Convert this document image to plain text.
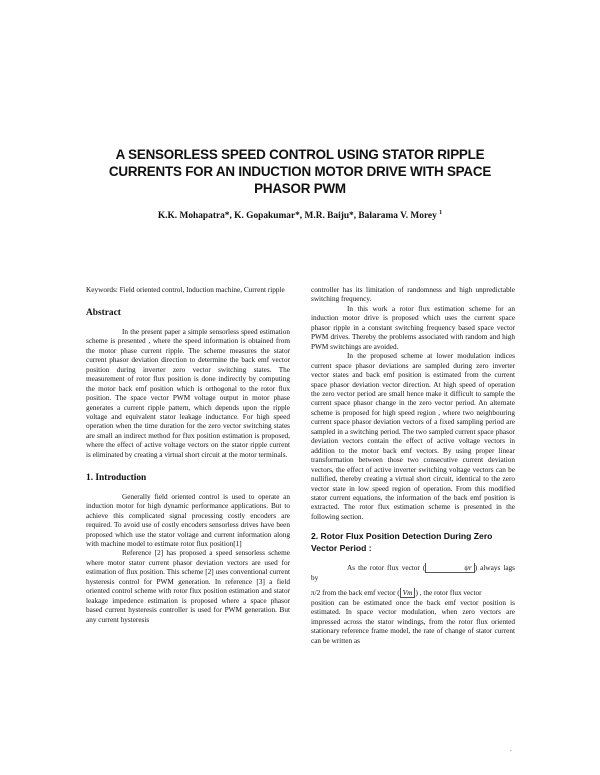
A SENSORLESS SPEED CONTROL USING STATOR RIPPLE CURRENTS FOR AN INDUCTION MOTOR DRIVE WITH SPACE PHASOR PWM
K.K. Mohapatra*, K. Gopakumar*, M.R. Baiju*, Balarama V. Morey $^1$

Keywords: Field oriented control, Induction machine, Current ripple

Abstract

In the present paper a simple sensorless speed estimation scheme is presented , where the speed information is obtained from the motor phase current ripple. The scheme measures the stator current phasor deviation direction to determine the back emf vector position during inverter zero vector switching states. The measurement of rotor flux position is done indirectly by computing the motor back emf position which is orthogonal to the rotor flux position. The space vector PWM voltage output in motor phase generates a current ripple pattern, which depends upon the ripple voltage and equivalent stator leakage inductance. For high speed operation when the time duration for the zero vector switching states are small an indirect method for flux position estimation is proposed, where the effect of active voltage vectors on the stator ripple current is eliminated by creating a virtual short circuit at the motor terminals.

1. Introduction

Generally field oriented control is used to operate an induction motor for high dynamic performance applications. But to achieve this complicated signal processing costly encoders are required. To avoid use of costly encoders sensorless drives have been proposed which use the stator voltage and current information along with machine model to estimate rotor flux position[1]

Reference [2] has proposed a speed sensorless scheme where motor stator current phasor deviation vectors are used for estimation of flux position. This scheme [2] uses conventional current hysteresis control for PWM generation. In reference [3] a field oriented control scheme with rotor flux position estimation and stator leakage impedence estimation is proposed where a space phasor based current hysteresis controller is used for PWM generation. But any current hysteresis

controller has its limitation of randomness and high unpredictable switching frequency.

In this work a rotor flux estimation scheme for an induction motor drive is proposed which uses the current space phasor ripple in a constant switching frequency based space vector PWM drives. Thereby the problems associated with random and high PWM switchings are avoided.

In the proposed scheme at lower modulation indices current space phasor deviations are sampled during zero inverter vector states and back emf position is estimated from the current space phasor deviation vector direction. At high speed of operation the zero vector period are small hence make it difficult to sample the current space phasor change in the zero vector period. An alternate scheme is proposed for high speed region , where two neighbouring current space phasor deviation vectors of a fixed sampling period are sampled in a switching period. The two sampled current space phasor deviation vectors contain the effect of active voltage vectors in addition to the motor back emf vectors. By using proper linear transformation between those two consecutive current deviation vectors, the effect of active inverter switching voltage vectors can be nullified, thereby creating a virtual short circuit, identical to the zero vector state in low speed region of operation. From this modified stator current equations, the information of the back emf position is extracted. The rotor flux estimation scheme is presented in the following section.

2. Rotor Flux Position Detection During Zero Vector Period :

As the rotor flux vector (	ψr ) always lags by

π/2 from the back emf vector ( Vm ) , the rotor flux vector

position can be estimated once the back emf vector position is estimated. In space vector modulation, when zero vectors are impressed across the stator windings, from the rotor flux oriented stationary reference frame model, the rate of change of stator current can be written as

.
